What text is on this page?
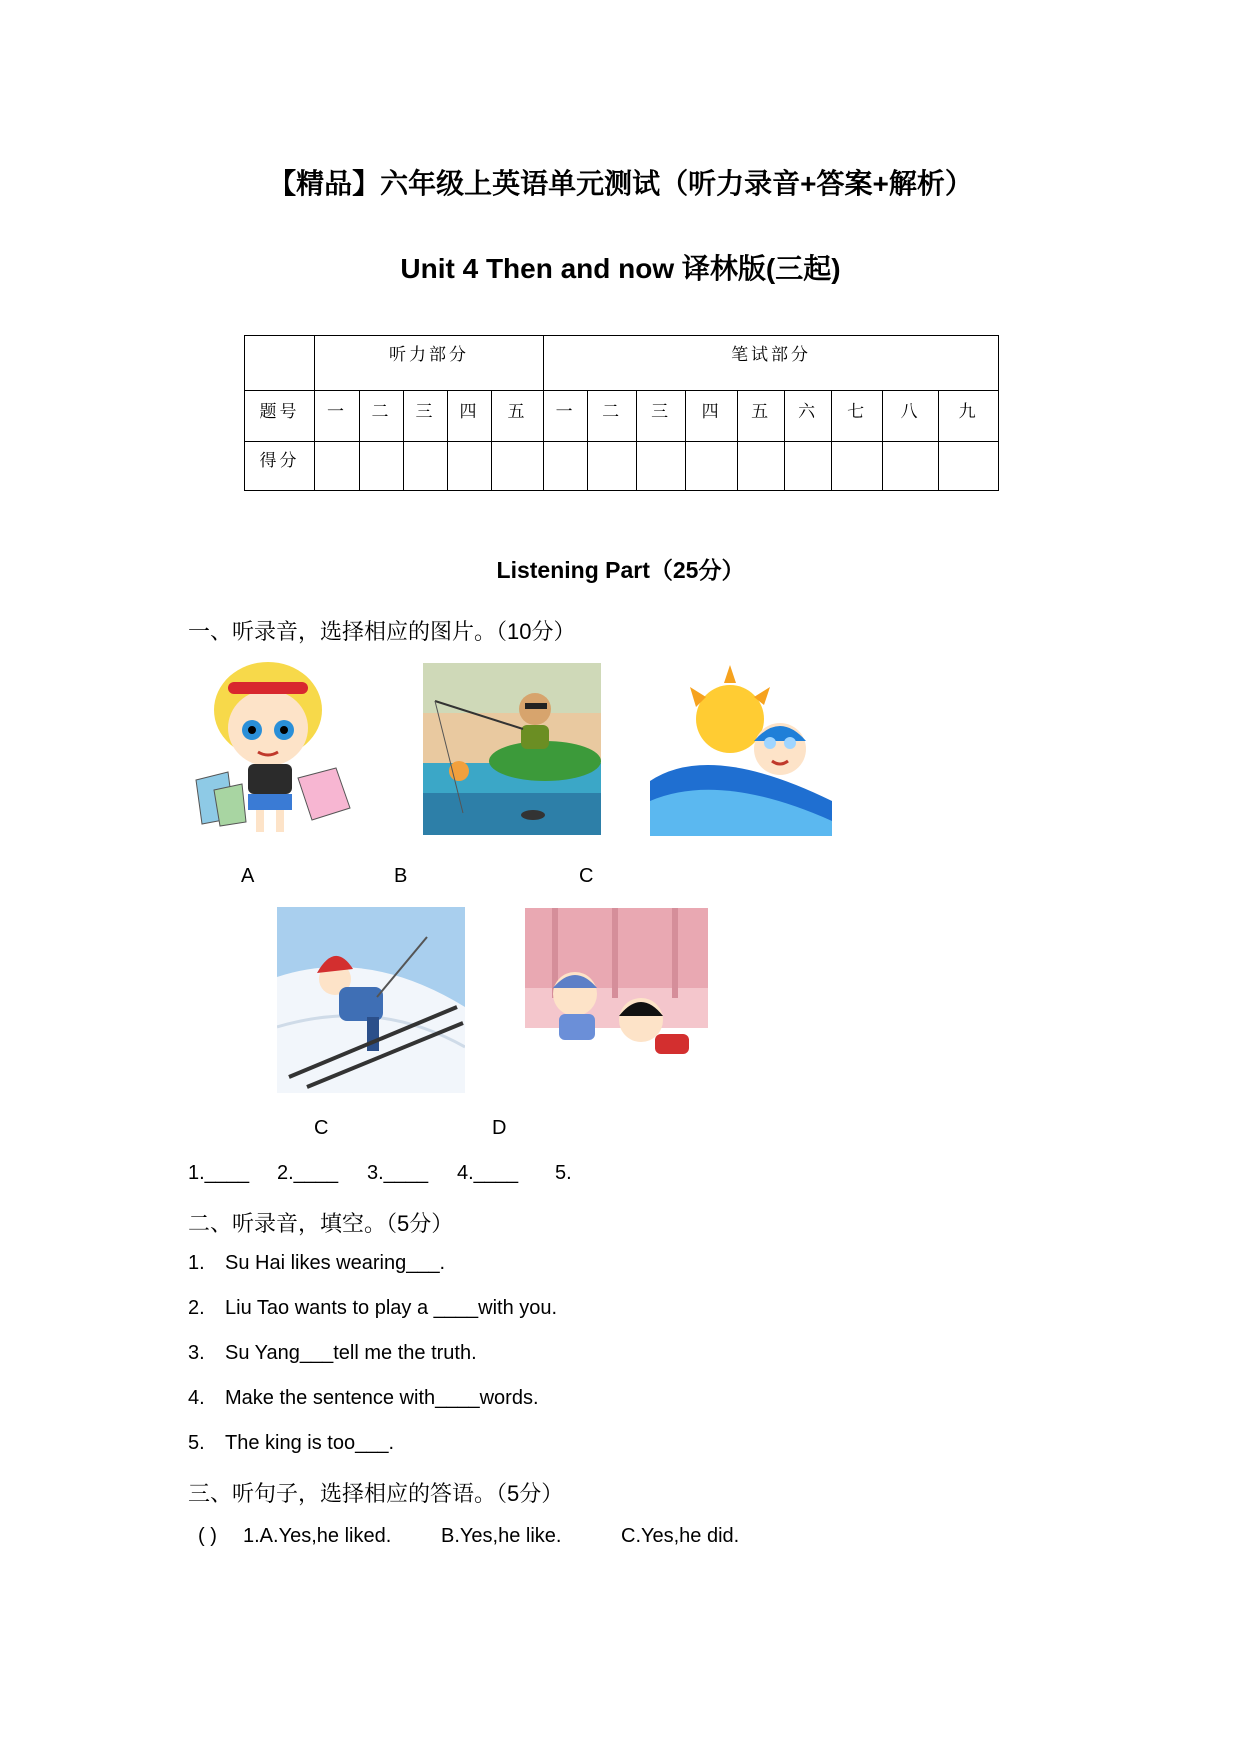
【精品】六年级上英语单元测试（听力录音+答案+解析）
Unit 4 Then and now 译林版(三起)
	听力部分					笔试部分								
题号	一	二	三	四	五	一	二	三	四	五	六	七	八	九
得分														
Listening Part（25分）
一、听录音，选择相应的图片。（10分）
A	B	C
C	D
1.____ 2.____ 3.____ 4.____ 5.
二、听录音，填空。（5分）
1. Su Hai likes wearing___.
2. Liu Tao wants to play a ____with you.
3. Su Yang___tell me the truth.
4. Make the sentence with____words.
5. The king is too___.
三、听句子，选择相应的答语。（5分）
( ) 1.A.Yes,he liked. B.Yes,he like.	C.Yes,he did.
